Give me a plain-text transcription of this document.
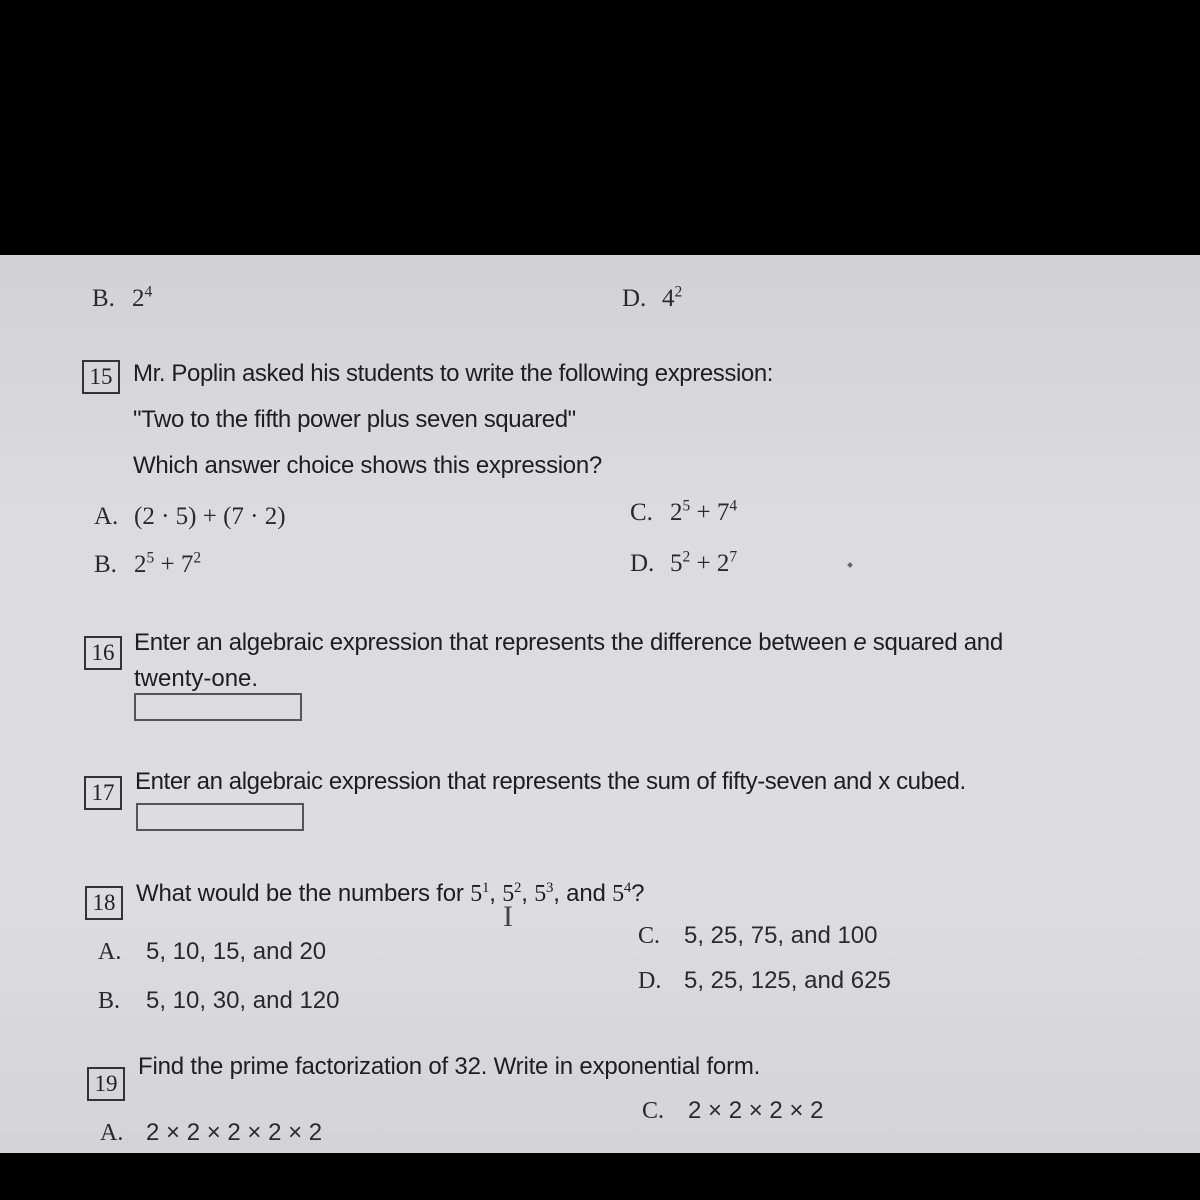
B. $2^4$	D. $4^2$
15 Mr. Poplin asked his students to write the following expression:
"Two to the fifth power plus seven squared"
Which answer choice shows this expression?
A. (2 · 5) + (7 · 2)
B. $2^5 + 7^2$
C. $2^5 + 7^4$
D. $5^2 + 2^7$
16 Enter an algebraic expression that represents the difference between e squared and
twenty-one.
17 Enter an algebraic expression that represents the sum of fifty-seven and x cubed.
18 What would be the numbers for $5^1$, $5^2$, $5^3$, and $5^4$?
I
A. 5, 10, 15, and 20
B. 5, 10, 30, and 120
C. 5, 25, 75, and 100
D. 5, 25, 125, and 625
19
Find the prime factorization of 32. Write in exponential form.
A. 2 × 2 × 2 × 2 × 2
C. 2 × 2 × 2 × 2
